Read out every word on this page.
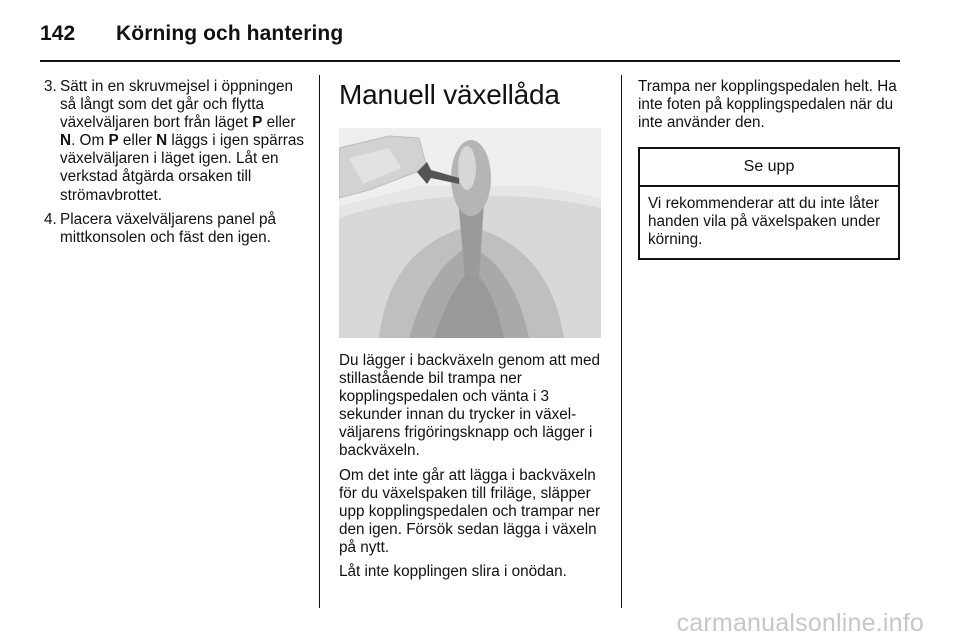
142	Körning och hantering
3. Sätt in en skruvmejsel i öppningen så långt som det går och flytta växelväljaren bort från läget P eller N. Om P eller N läggs i igen spärras växelväljaren i läget igen. Låt en verkstad åtgärda orsaken till strömavbrottet.
4. Placera växelväljarens panel på mittkonsolen och fäst den igen.
Manuell växellåda

Du lägger i backväxeln genom att med stillastående bil trampa ner kopplingspedalen och vänta i 3 sekunder innan du trycker in växelväljarens frigöringsknapp och lägger i backväxeln.

Om det inte går att lägga i backväxeln för du växelspaken till friläge, släpper upp kopplingspedalen och trampar ner den igen. Försök sedan lägga i växeln på nytt.

Låt inte kopplingen slira i onödan.

Trampa ner kopplingspedalen helt. Ha inte foten på kopplingspedalen när du inte använder den.

Se upp
Vi rekommenderar att du inte låter handen vila på växelspaken under körning.
carmanualsonline.info
